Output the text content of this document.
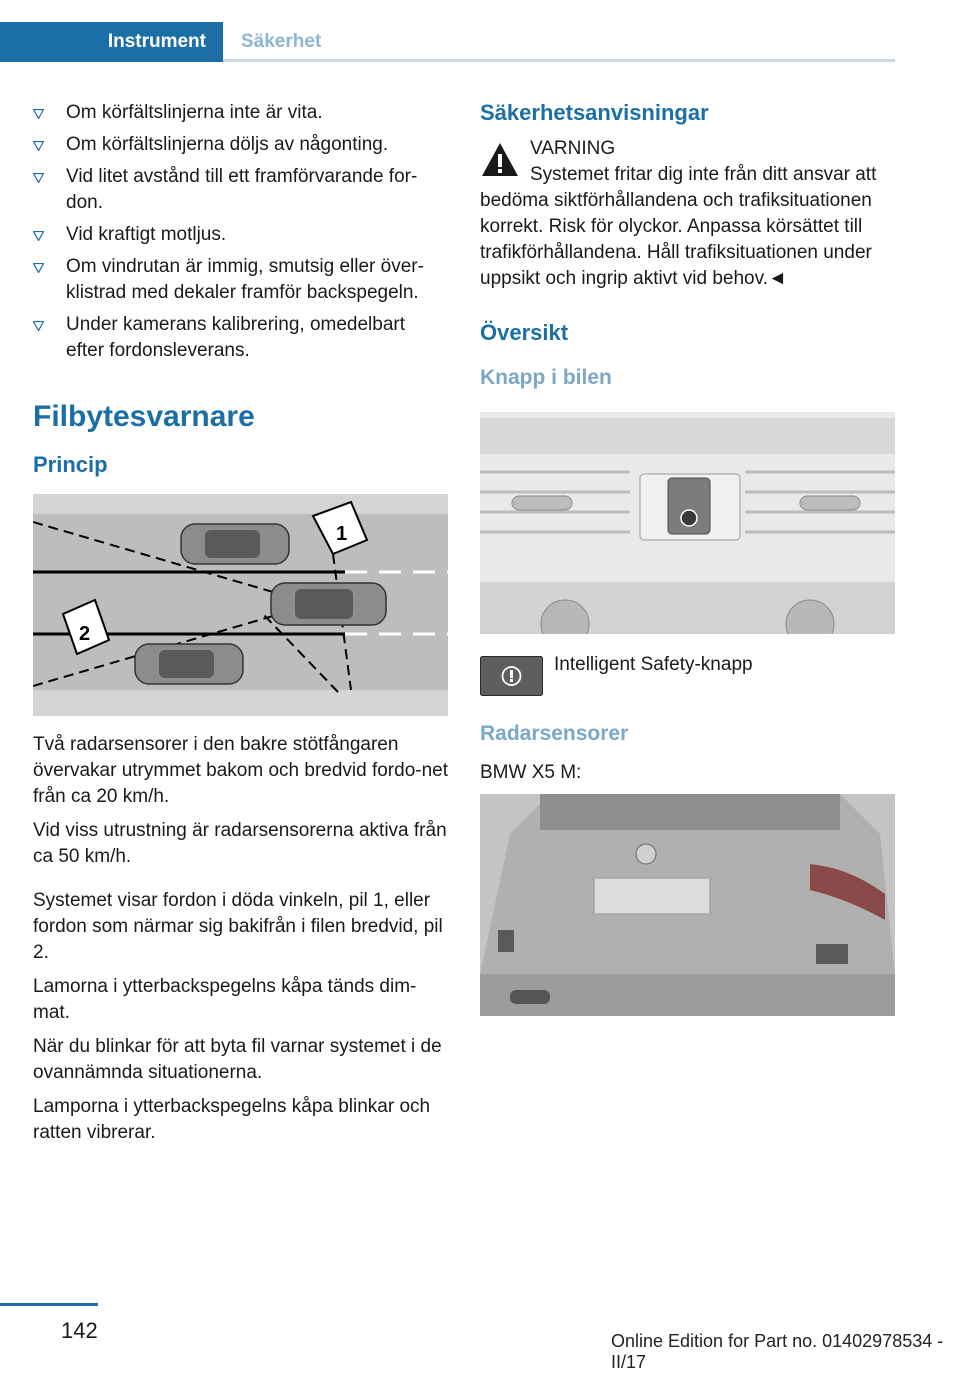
Instrument Säkerhet
Om körfältslinjerna inte är vita.
Om körfältslinjerna döljs av någonting.
Vid litet avstånd till ett framförvarande for-don.
Vid kraftigt motljus.
Om vindrutan är immig, smutsig eller över-klistrad med dekaler framför backspegeln.
Under kamerans kalibrering, omedelbart efter fordonsleverans.
Filbytesvarnare
Princip
1
2

Två radarsensorer i den bakre stötfångaren övervakar utrymmet bakom och bredvid fordo-net från ca 20 km/h.

Vid viss utrustning är radarsensorerna aktiva från ca 50 km/h.

Systemet visar fordon i döda vinkeln, pil 1, eller fordon som närmar sig bakifrån i filen bredvid, pil 2.

Lamorna i ytterbackspegelns kåpa tänds dim-mat.

När du blinkar för att byta fil varnar systemet i de ovannämnda situationerna.

Lamporna i ytterbackspegelns kåpa blinkar och ratten vibrerar.

Säkerhetsanvisningar
VARNING
Systemet fritar dig inte från ditt ansvar att bedöma siktförhållandena och trafiksituationen korrekt. Risk för olyckor. Anpassa körsättet till trafikförhållandena. Håll trafiksituationen under uppsikt och ingrip aktivt vid behov.◄
Översikt
Knapp i bilen
Intelligent Safety-knapp
Radarsensorer

BMW X5 M:

142	Online Edition for Part no. 01402978534 - II/17
